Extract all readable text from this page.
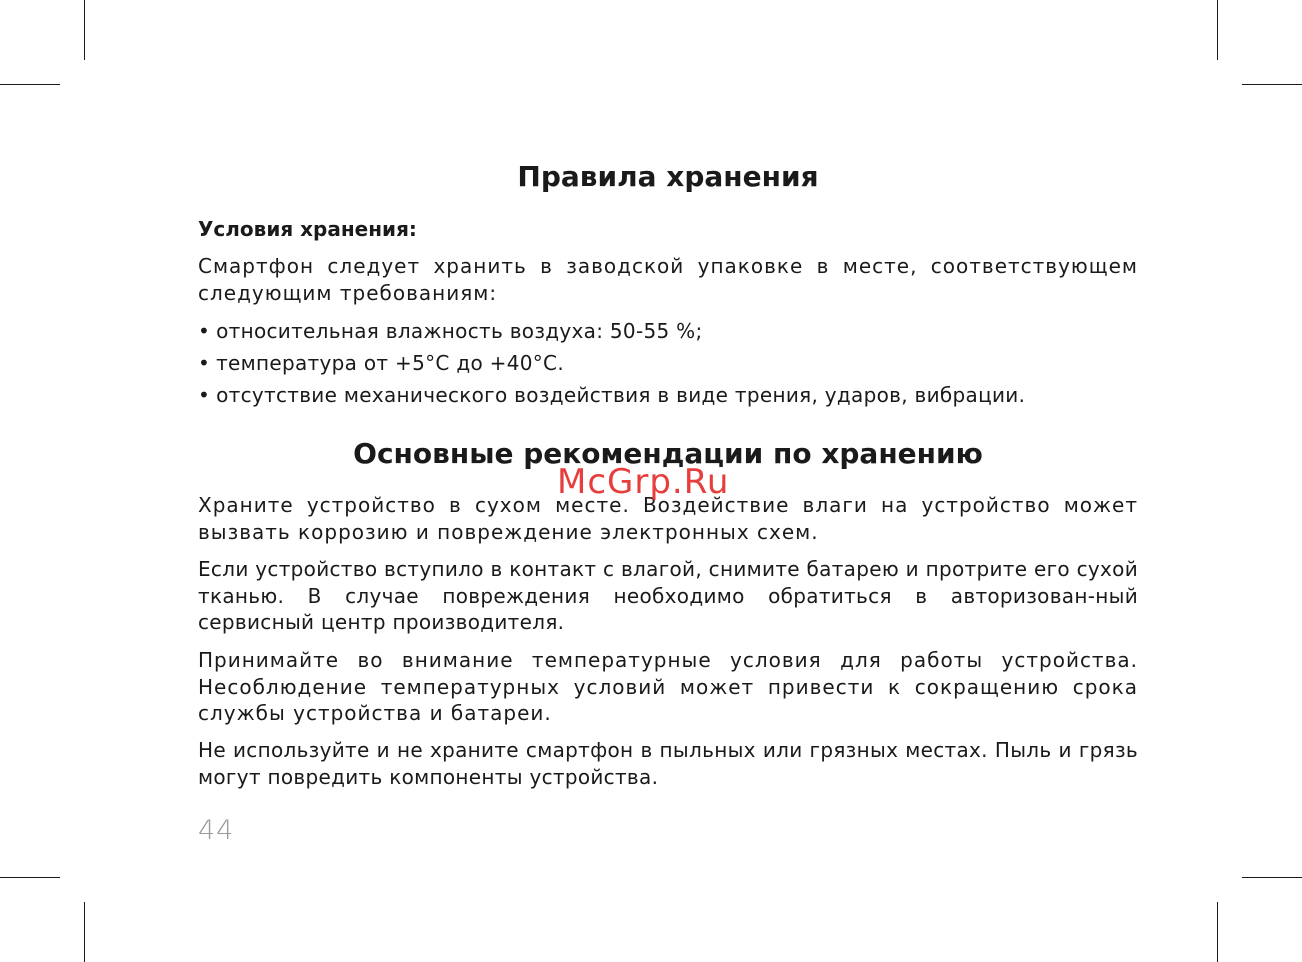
Правила хранения
Условия хранения:
Смартфон следует хранить в заводской упаковке в месте, соответствующем следующим требованиям:
• относительная влажность воздуха: 50-55 %;
• температура от +5°C до +40°C.
• отсутствие механического воздействия в виде трения, ударов, вибрации.
Основные рекомендации по хранению
Храните устройство в сухом месте. Воздействие влаги на устройство может вызвать коррозию и повреждение электронных схем.
Если устройство вступило в контакт с влагой, снимите батарею и протрите его сухой тканью. В случае повреждения необходимо обратиться в авторизован-ный сервисный центр производителя.
Принимайте во внимание температурные условия для работы устройства. Несоблюдение температурных условий может привести к сокращению срока службы устройства и батареи.
Не используйте и не храните смартфон в пыльных или грязных местах. Пыль и грязь могут повредить компоненты устройства.
McGrp.Ru
44
